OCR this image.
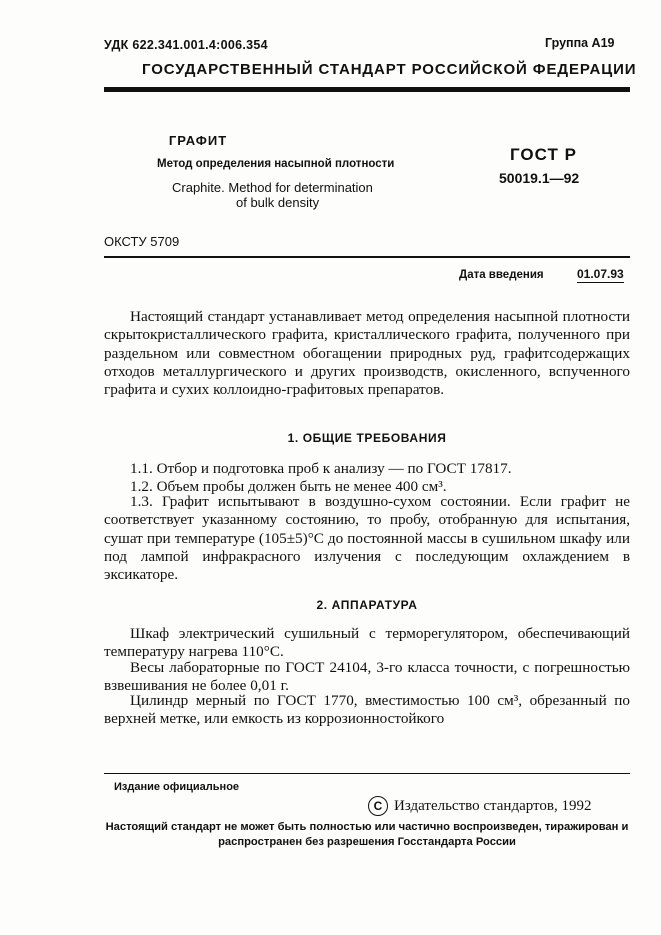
УДК 622.341.001.4:006.354	Группа А19
ГОСУДАРСТВЕННЫЙ СТАНДАРТ РОССИЙСКОЙ ФЕДЕРАЦИИ
ГРАФИТ
Метод определения насыпной плотности
Craphite. Method for determination
of bulk density
ГОСТ Р
50019.1—92
ОКСТУ 5709
Дата введения	01.07.93

Настоящий стандарт устанавливает метод определения насыпной плотности скрытокристаллического графита, кристаллического графита, полученного при раздельном или совместном обогащении природных руд, графитсодержащих отходов металлургического и других производств, окисленного, вспученного графита и сухих коллоидно-графитовых препаратов.

1. ОБЩИЕ ТРЕБОВАНИЯ

1.1. Отбор и подготовка проб к анализу — по ГОСТ 17817.

1.2. Объем пробы должен быть не менее 400 см³.

1.3. Графит испытывают в воздушно-сухом состоянии. Если графит не соответствует указанному состоянию, то пробу, отобранную для испытания, сушат при температуре (105±5)°С до постоянной массы в сушильном шкафу или под лампой инфракрасного излучения с последующим охлаждением в эксикаторе.

2. АППАРАТУРА

Шкаф электрический сушильный с терморегулятором, обеспечивающий температуру нагрева 110°С.

Весы лабораторные по ГОСТ 24104, 3-го класса точности, с погрешностью взвешивания не более 0,01 г.

Цилиндр мерный по ГОСТ 1770, вместимостью 100 см³, обрезанный по верхней метке, или емкость из коррозионностойкого

Издание официальное
С Издательство стандартов, 1992
Настоящий стандарт не может быть полностью или частично воспроизведен, тиражирован и распространен без разрешения Госстандарта России
